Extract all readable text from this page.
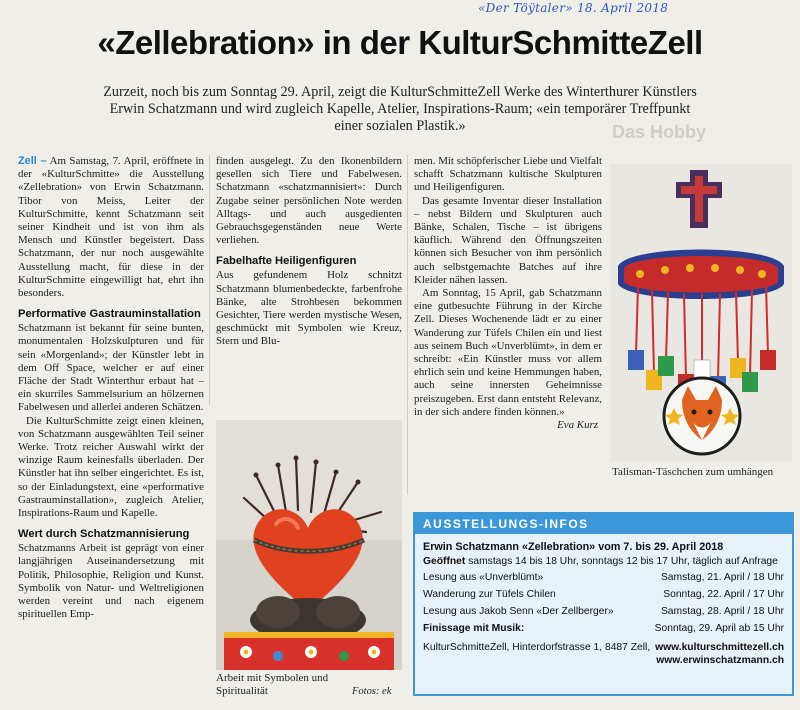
«Der Töÿtaler» 18. April 2018
«Zellebration» in der KulturSchmitteZell
Zurzeit, noch bis zum Sonntag 29. April, zeigt die KulturSchmitteZell Werke des Winterthurer Künstlers Erwin Schatzmann und wird zugleich Kapelle, Atelier, Inspirations-Raum; «ein temporärer Treffpunkt einer sozialen Plastik.»	Das Hobby

Zell – Am Samstag, 7. April, eröffnete in der «KulturSchmitte» die Ausstellung «Zellebration» von Erwin Schatzmann. Tibor von Meiss, Leiter der KulturSchmitte, kennt Schatzmann seit seiner Kindheit und ist von ihm als Mensch und Künstler begeistert. Dass Schatzmann, der nur noch ausgewählte Ausstellung macht, für diese in der KulturSchmitte eingewilligt hat, ehrt ihn besonders.

Performative Gastrauminstallation

Schatzmann ist bekannt für seine bunten, monumentalen Holzskulpturen und für sein «Morgenland»; der Künstler lebt in dem Off Space, welcher er auf einer Fläche der Stadt Winterthur erbaut hat – ein skurriles Sammelsurium an hölzernen Fabelwesen und allerlei anderen Schätzen.

Die KulturSchmitte zeigt einen kleinen, von Schatzmann ausgewählten Teil seiner Werke. Trotz reicher Auswahl wirkt der winzige Raum keinesfalls überladen. Der Künstler hat ihn selber eingerichtet. Es ist, so der Einladungstext, eine «performative Gastrauminstallation», zugleich Atelier, Inspirations-Raum und Kapelle.

Wert durch Schatzmannisierung

Schatzmanns Arbeit ist geprägt von einer langjährigen Auseinandersetzung mit Politik, Philosophie, Religion und Kunst. Symbolik von Natur- und Weltreligionen werden vereint und nach eigenem spirituellen Emp-

finden ausgelegt. Zu den Ikonenbildern gesellen sich Tiere und Fabelwesen. Schatzmann «schatzmannisiert»: Durch Zugabe seiner persönlichen Note werden Alltags- und auch ausgedienten Gebrauchsgegenständen neue Werte verliehen.

Fabelhafte Heiligenfiguren

Aus gefundenem Holz schnitzt Schatzmann blumenbedeckte, farbenfrohe Bänke, alte Strohbesen bekommen Gesichter, Tiere werden mystische Wesen, geschmückt mit Symbolen wie Kreuz, Stern und Blu-

men. Mit schöpferischer Liebe und Vielfalt schafft Schatzmann kultische Skulpturen und Heiligenfiguren.

Das gesamte Inventar dieser Installation – nebst Bildern und Skulpturen auch Bänke, Schalen, Tische – ist übrigens käuflich. Während den Öffnungszeiten können sich Besucher von ihm persönlich auch selbstgemachte Batches auf ihre Kleider nähen lassen.

Am Sonntag, 15 April, gab Schatzmann eine gutbesuchte Führung in der Kirche Zell. Dieses Wochenende lädt er zu einer Wanderung zur Tüfels Chilen ein und liest aus seinem Buch «Unverblümt», in dem er schreibt: «Ein Künstler muss vor allem ehrlich sein und keine Hemmungen haben, auch seine innersten Geheimnisse preiszugeben. Erst dann entsteht Relevanz, in der sich andere finden können.»

Eva Kurz

Arbeit mit Symbolen und Spiritualität	Fotos: ek
Talisman-Täschchen zum umhängen
AUSSTELLUNGS-INFOS
Erwin Schatzmann «Zellebration» vom 7. bis 29. April 2018
Geöffnet samstags 14 bis 18 Uhr, sonntags 12 bis 17 Uhr, täglich auf Anfrage
Lesung aus «Unverblümt»	Samstag, 21. April / 18 Uhr
Wanderung zur Tüfels Chilen	Sonntag, 22. April / 17 Uhr
Lesung aus Jakob Senn «Der Zellberger»	Samstag, 28. April / 18 Uhr
Finissage mit Musik:	Sonntag, 29. April ab 15 Uhr
KulturSchmitteZell, Hinterdorfstrasse 1, 8487 Zell, www.kulturschmittezell.ch
www.erwinschatzmann.ch
